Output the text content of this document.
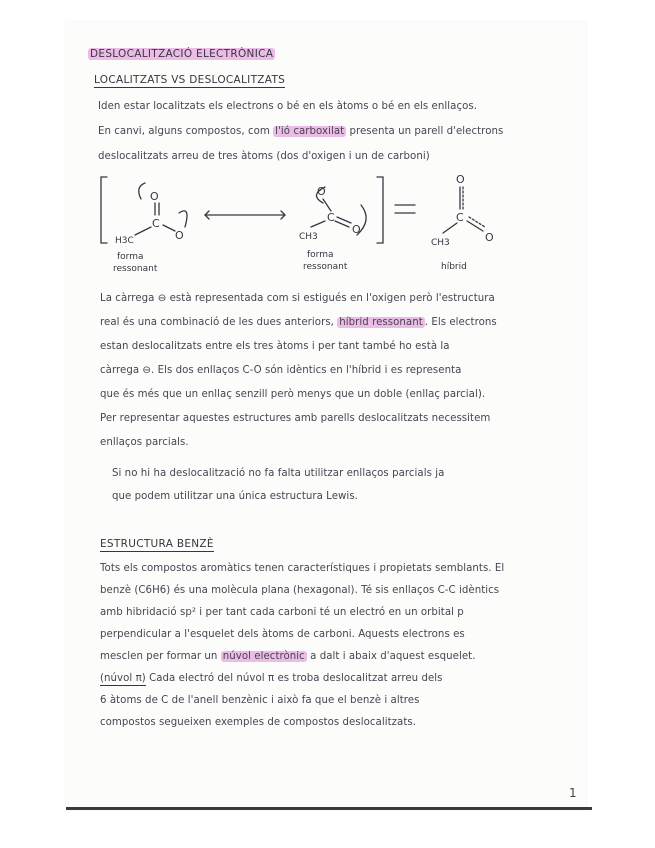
DESLOCALITZACIÓ ELECTRÒNICA
LOCALITZATS VS DESLOCALITZATS
Iden estar localitzats els electrons o bé en els àtoms o bé en els enllaços.
En canvi, alguns compostos, com l'ió carboxilat presenta un parell d'electrons
deslocalitzats arreu de tres àtoms (dos d'oxigen i un de carboni)
O
C
H3C	O
O
C
CH3
O
O
C
CH3	O
forma
ressonant
forma
ressonant	híbrid
La càrrega ⊖ està representada com si estigués en l'oxigen però l'estructura
real és una combinació de les dues anteriors, híbrid ressonant . Els electrons
estan deslocalitzats entre els tres àtoms i per tant també ho està la
càrrega ⊖. Els dos enllaços C-O són idèntics en l'híbrid i es representa
que és més que un enllaç senzill però menys que un doble (enllaç parcial).
Per representar aquestes estructures amb parells deslocalitzats necessitem
enllaços parcials.
Si no hi ha deslocalització no fa falta utilitzar enllaços parcials ja
que podem utilitzar una única estructura Lewis.
ESTRUCTURA BENZÈ
Tots els compostos aromàtics tenen característiques i propietats semblants. El
benzè (C6H6) és una molècula plana (hexagonal). Té sis enllaços C-C idèntics
amb hibridació sp² i per tant cada carboni té un electró en un orbital p
perpendicular a l'esquelet dels àtoms de carboni. Aquests electrons es
mesclen per formar un núvol electrònic a dalt i abaix d'aquest esquelet.
(núvol π) Cada electró del núvol π es troba deslocalitzat arreu dels
6 àtoms de C de l'anell benzènic i això fa que el benzè i altres
compostos segueixen exemples de compostos deslocalitzats.
1
